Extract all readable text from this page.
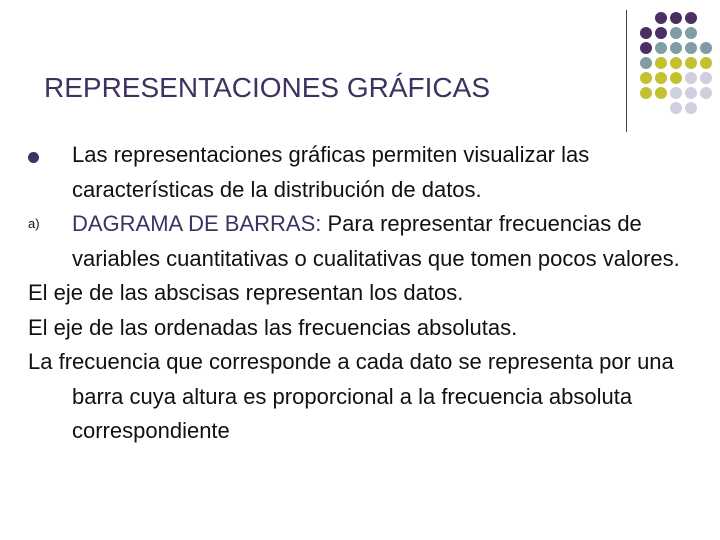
REPRESENTACIONES GRÁFICAS
Las representaciones gráficas permiten visualizar las características de la distribución de datos.
a) DAGRAMA DE BARRAS: Para representar frecuencias de variables cuantitativas o cualitativas que tomen pocos valores.
El eje de las abscisas representan los datos.
El eje de las ordenadas las frecuencias absolutas.
La frecuencia que corresponde a cada dato se representa por una barra cuya altura es proporcional a la frecuencia absoluta correspondiente
